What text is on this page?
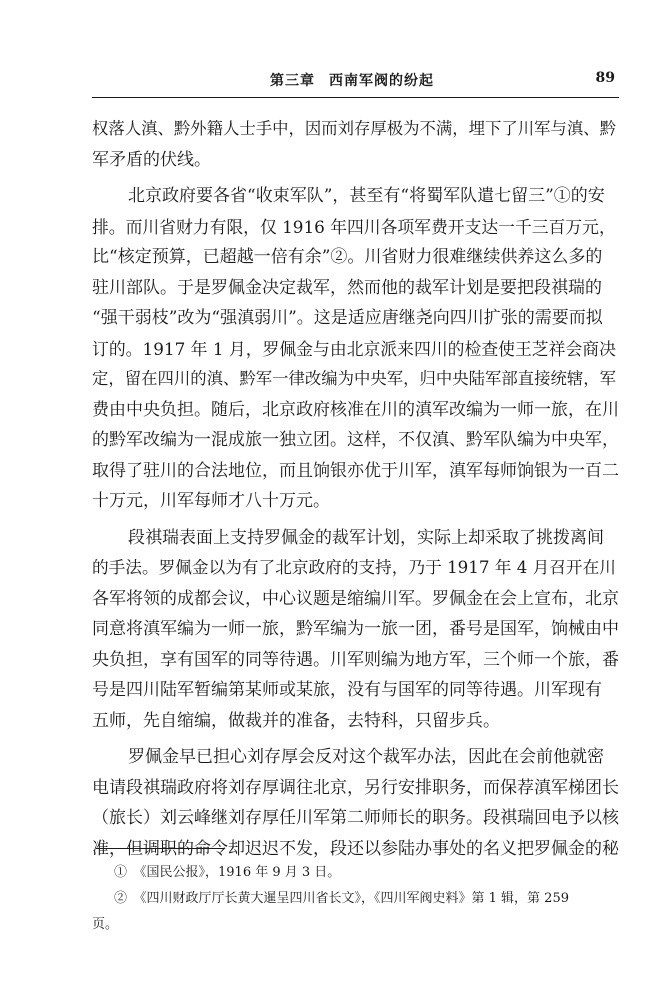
第三章 西南军阀的纷起	89
权落人滇、黔外籍人士手中，因而刘存厚极为不满，埋下了川军与滇、黔
军矛盾的伏线。
北京政府要各省“收束军队”，甚至有“将蜀军队遣七留三”①的安
排。而川省财力有限，仅 1916 年四川各项军费开支达一千三百万元，
比“核定预算，已超越一倍有余”②。川省财力很难继续供养这么多的
驻川部队。于是罗佩金决定裁军，然而他的裁军计划是要把段祺瑞的
“强干弱枝”改为“强滇弱川”。这是适应唐继尧向四川扩张的需要而拟
订的。1917 年 1 月，罗佩金与由北京派来四川的检查使王芝祥会商决
定，留在四川的滇、黔军一律改编为中央军，归中央陆军部直接统辖，军
费由中央负担。随后，北京政府核准在川的滇军改编为一师一旅，在川
的黔军改编为一混成旅一独立团。这样，不仅滇、黔军队编为中央军，
取得了驻川的合法地位，而且饷银亦优于川军，滇军每师饷银为一百二
十万元，川军每师才八十万元。
段祺瑞表面上支持罗佩金的裁军计划，实际上却采取了挑拨离间
的手法。罗佩金以为有了北京政府的支持，乃于 1917 年 4 月召开在川
各军将领的成都会议，中心议题是缩编川军。罗佩金在会上宣布，北京
同意将滇军编为一师一旅，黔军编为一旅一团，番号是国军，饷械由中
央负担，享有国军的同等待遇。川军则编为地方军，三个师一个旅，番
号是四川陆军暂编第某师或某旅，没有与国军的同等待遇。川军现有
五师，先自缩编，做裁并的准备，去特科，只留步兵。
罗佩金早已担心刘存厚会反对这个裁军办法，因此在会前他就密
电请段祺瑞政府将刘存厚调往北京，另行安排职务，而保荐滇军梯团长
（旅长）刘云峰继刘存厚任川军第二师师长的职务。段祺瑞回电予以核
准，但调职的命令却迟迟不发，段还以参陆办事处的名义把罗佩金的秘
①　《国民公报》，1916 年 9 月 3 日。
②　《四川财政厅厅长黄大暹呈四川省长文》，《四川军阀史料》第 1 辑，第 259
页。
